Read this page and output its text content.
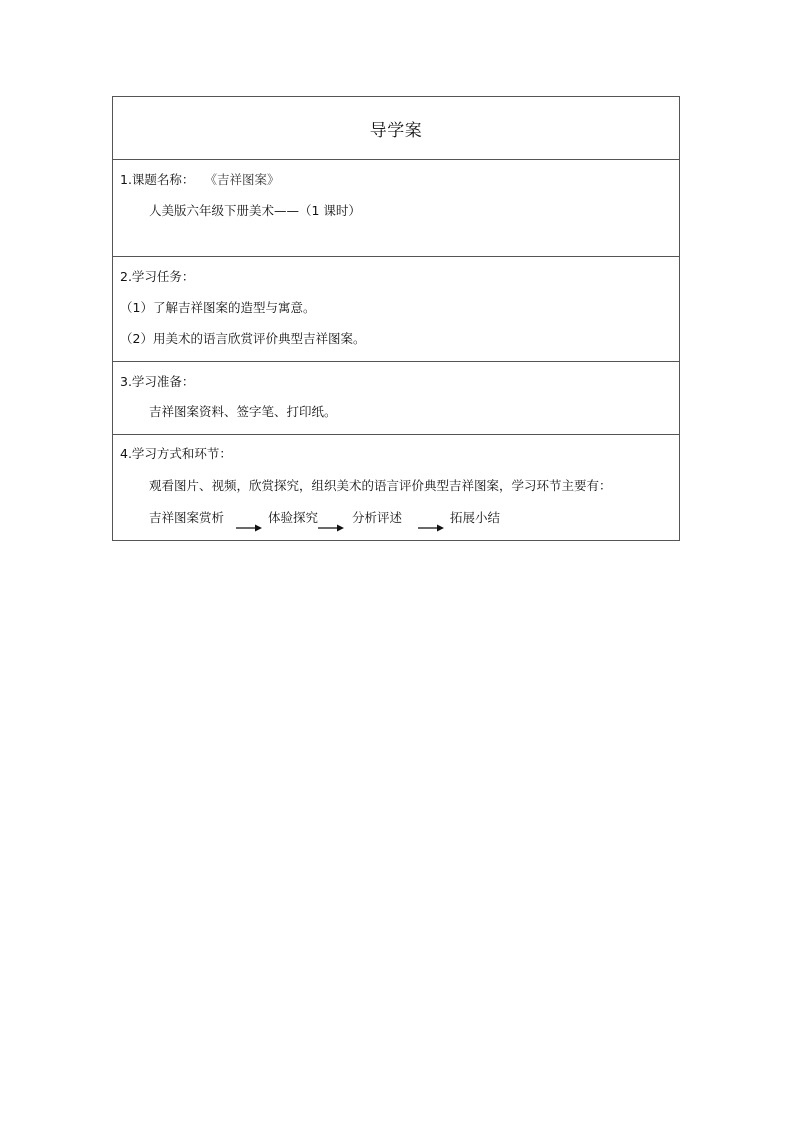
导学案
1.课题名称： 《吉祥图案》
人美版六年级下册美术——（1 课时）
2.学习任务：
（1）了解吉祥图案的造型与寓意。
（2）用美术的语言欣赏评价典型吉祥图案。
3.学习准备：
吉祥图案资料、签字笔、打印纸。
4.学习方式和环节：
观看图片、视频，欣赏探究，组织美术的语言评价典型吉祥图案，学习环节主要有：
吉祥图案赏析	体验探究	分析评述	拓展小结
